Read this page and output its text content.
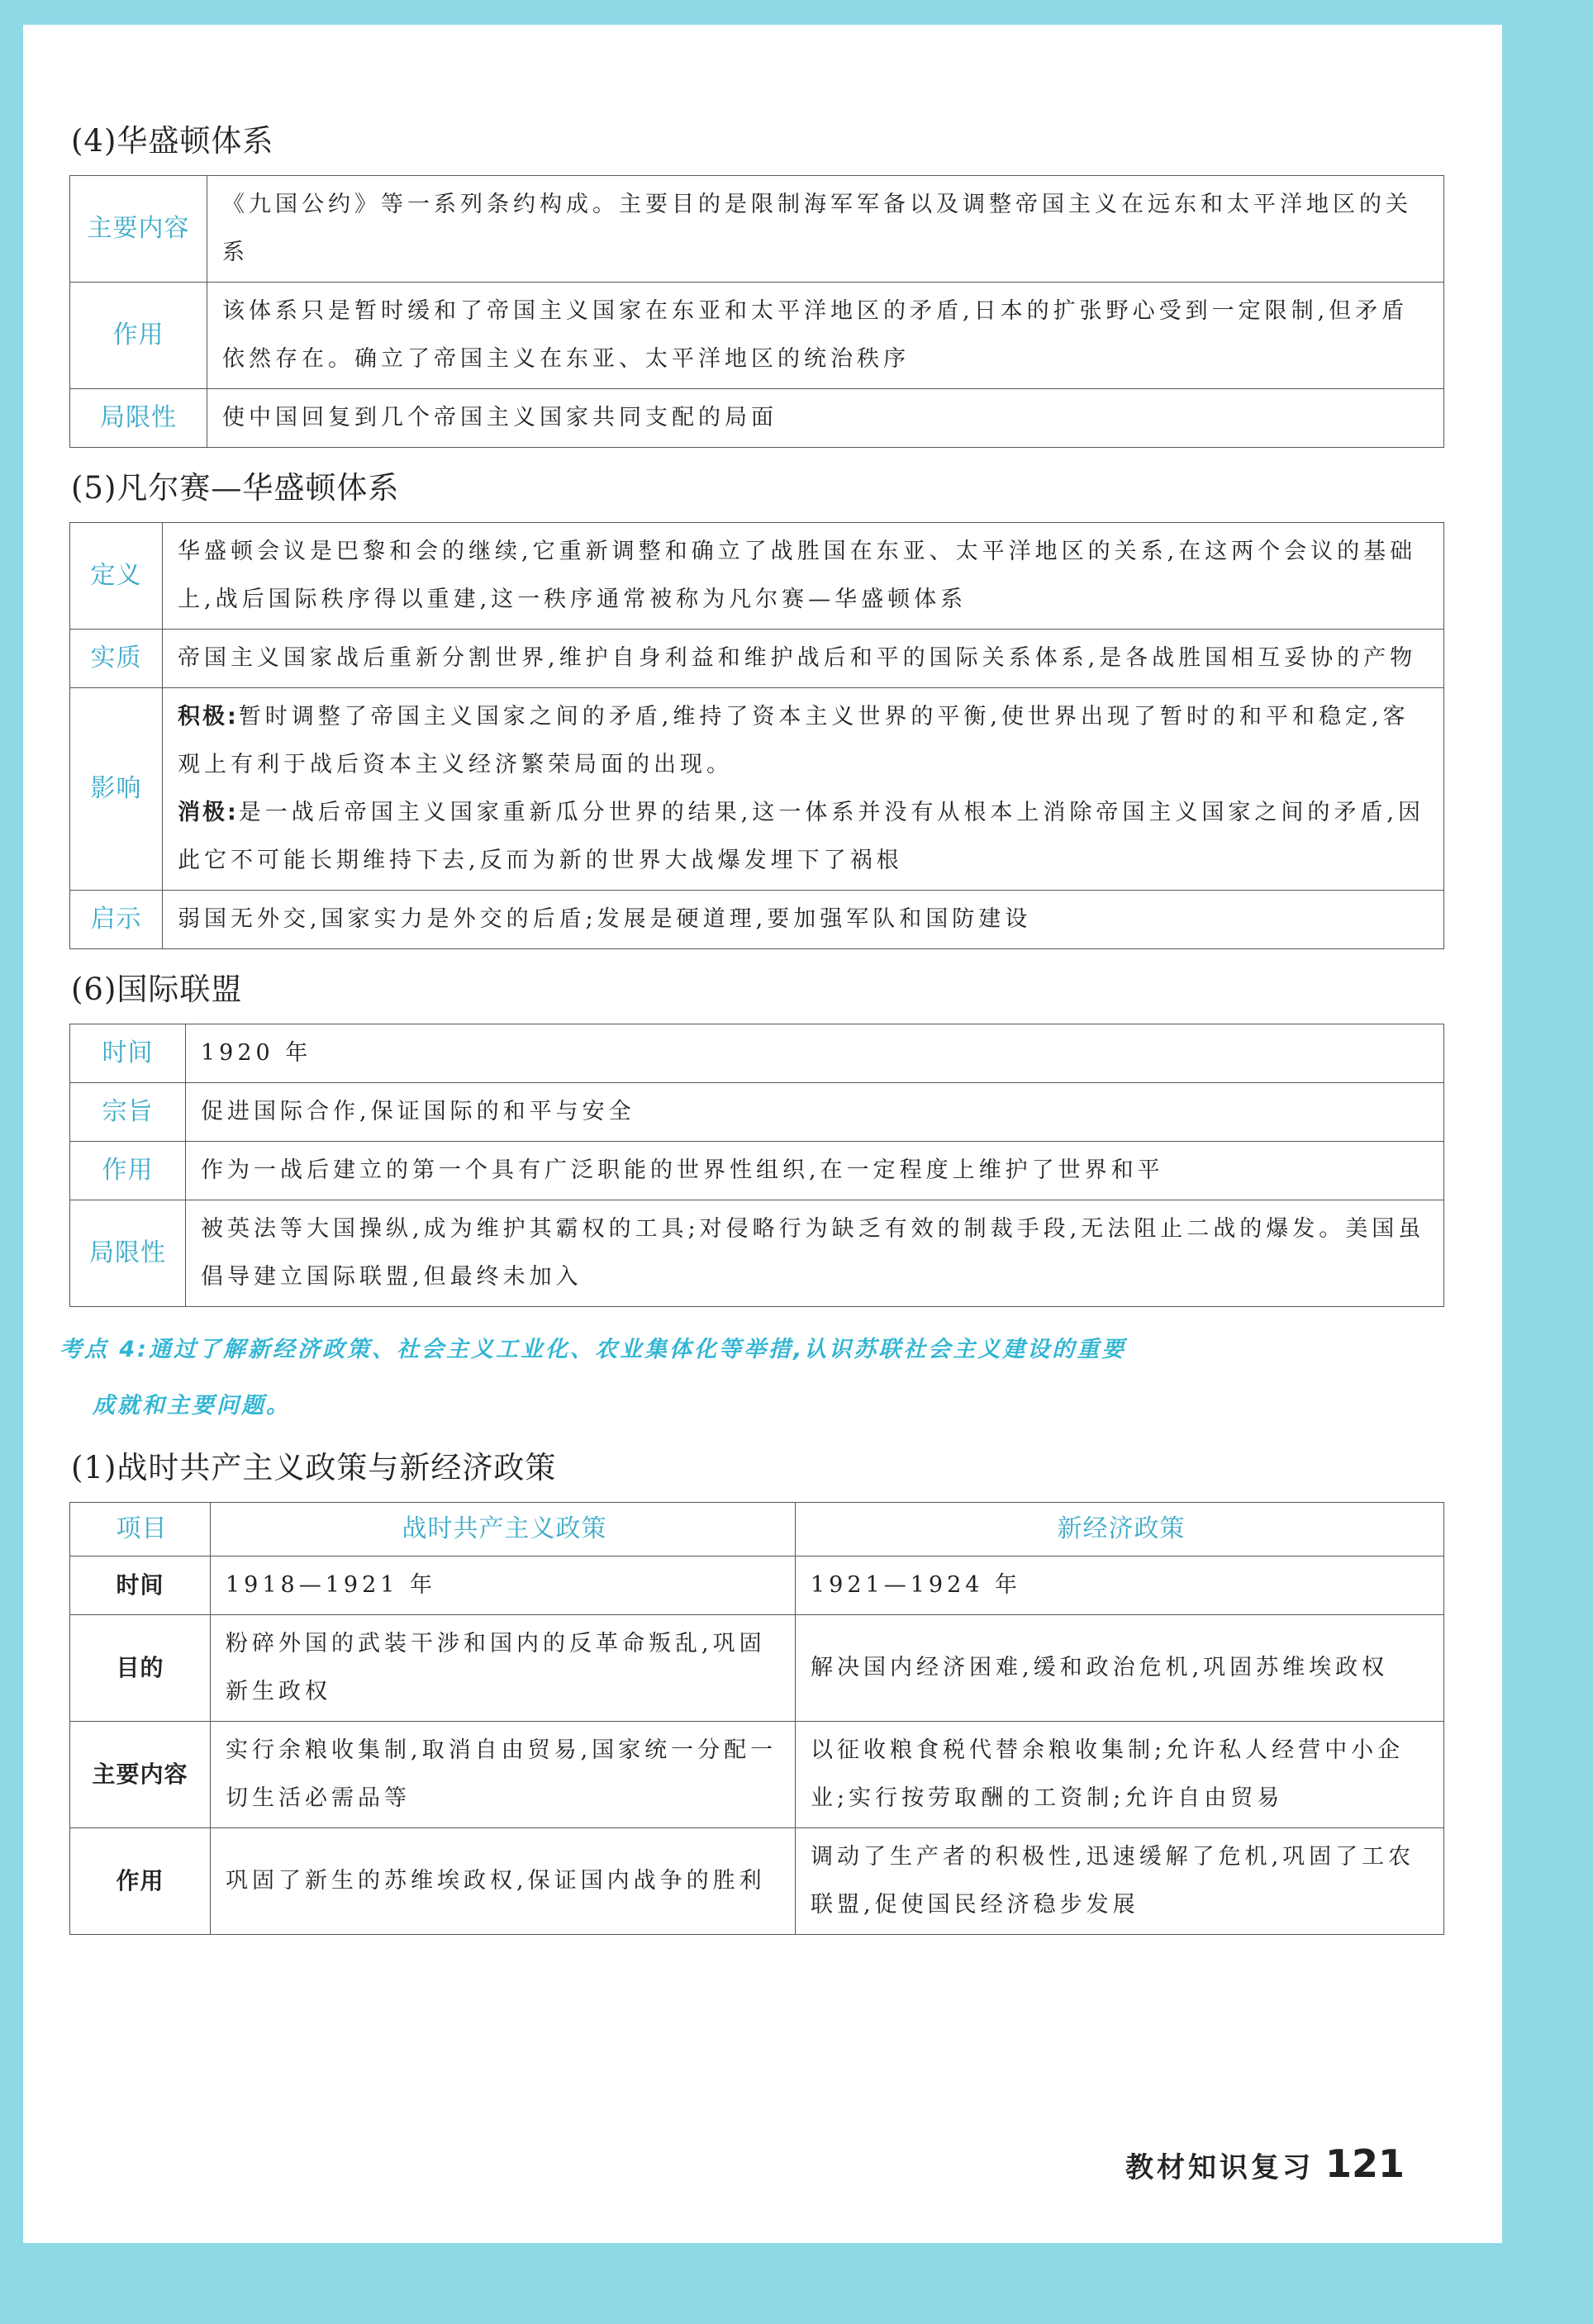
(4)华盛顿体系
主要内容	《九国公约》等一系列条约构成。主要目的是限制海军军备以及调整帝国主义在远东和太平洋地区的关系
作用	该体系只是暂时缓和了帝国主义国家在东亚和太平洋地区的矛盾,日本的扩张野心受到一定限制,但矛盾依然存在。确立了帝国主义在东亚、太平洋地区的统治秩序
局限性	使中国回复到几个帝国主义国家共同支配的局面
(5)凡尔赛—华盛顿体系
定义	华盛顿会议是巴黎和会的继续,它重新调整和确立了战胜国在东亚、太平洋地区的关系,在这两个会议的基础上,战后国际秩序得以重建,这一秩序通常被称为凡尔赛—华盛顿体系
实质	帝国主义国家战后重新分割世界,维护自身利益和维护战后和平的国际关系体系,是各战胜国相互妥协的产物
影响	积极:暂时调整了帝国主义国家之间的矛盾,维持了资本主义世界的平衡,使世界出现了暂时的和平和稳定,客观上有利于战后资本主义经济繁荣局面的出现。
消极:是一战后帝国主义国家重新瓜分世界的结果,这一体系并没有从根本上消除帝国主义国家之间的矛盾,因此它不可能长期维持下去,反而为新的世界大战爆发埋下了祸根
启示	弱国无外交,国家实力是外交的后盾;发展是硬道理,要加强军队和国防建设
(6)国际联盟
时间	1920 年
宗旨	促进国际合作,保证国际的和平与安全
作用	作为一战后建立的第一个具有广泛职能的世界性组织,在一定程度上维护了世界和平
局限性	被英法等大国操纵,成为维护其霸权的工具;对侵略行为缺乏有效的制裁手段,无法阻止二战的爆发。美国虽倡导建立国际联盟,但最终未加入
考点 4:通过了解新经济政策、社会主义工业化、农业集体化等举措,认识苏联社会主义建设的重要
成就和主要问题。
(1)战时共产主义政策与新经济政策
项目	战时共产主义政策	新经济政策
时间	1918—1921 年	1921—1924 年
目的	粉碎外国的武装干涉和国内的反革命叛乱,巩固新生政权	解决国内经济困难,缓和政治危机,巩固苏维埃政权
主要内容	实行余粮收集制,取消自由贸易,国家统一分配一切生活必需品等	以征收粮食税代替余粮收集制;允许私人经营中小企业;实行按劳取酬的工资制;允许自由贸易
作用	巩固了新生的苏维埃政权,保证国内战争的胜利	调动了生产者的积极性,迅速缓解了危机,巩固了工农联盟,促使国民经济稳步发展
教材知识复习 121
